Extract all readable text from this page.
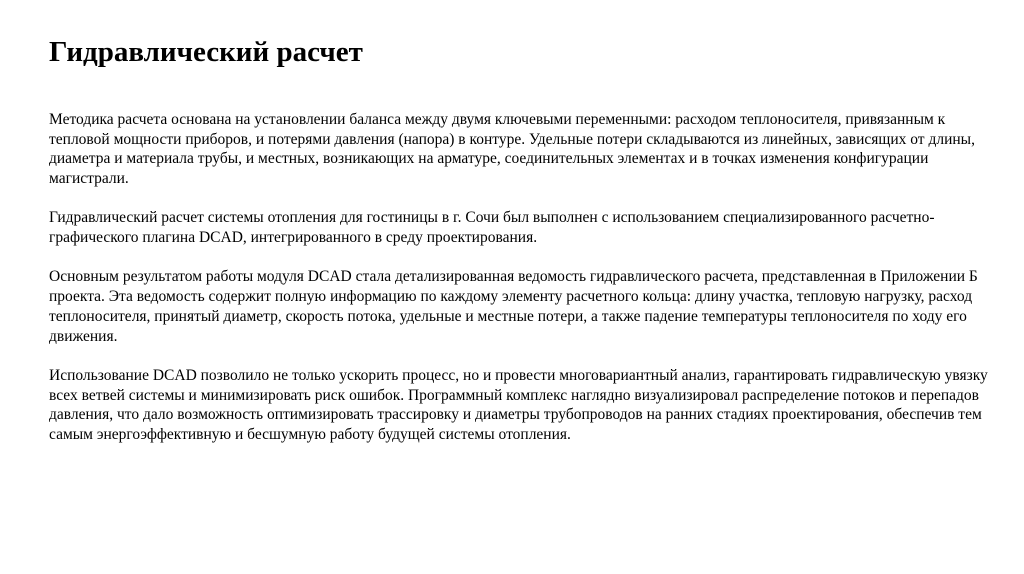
Гидравлический расчет

Методика расчета основана на установлении баланса между двумя ключевыми переменными: расходом теплоносителя, привязанным к тепловой мощности приборов, и потерями давления (напора) в контуре. Удельные потери складываются из линейных, зависящих от длины, диаметра и материала трубы, и местных, возникающих на арматуре, соединительных элементах и в точках изменения конфигурации магистрали.

Гидравлический расчет системы отопления для гостиницы в г. Сочи был выполнен с использованием специализированного расчетно-графического плагина DCAD, интегрированного в среду проектирования.

Основным результатом работы модуля DCAD стала детализированная ведомость гидравлического расчета, представленная в Приложении Б проекта. Эта ведомость содержит полную информацию по каждому элементу расчетного кольца: длину участка, тепловую нагрузку, расход теплоносителя, принятый диаметр, скорость потока, удельные и местные потери, а также падение температуры теплоносителя по ходу его движения.

Использование DCAD позволило не только ускорить процесс, но и провести многовариантный анализ, гарантировать гидравлическую увязку всех ветвей системы и минимизировать риск ошибок. Программный комплекс наглядно визуализировал распределение потоков и перепадов давления, что дало возможность оптимизировать трассировку и диаметры трубопроводов на ранних стадиях проектирования, обеспечив тем самым энергоэффективную и бесшумную работу будущей системы отопления.
